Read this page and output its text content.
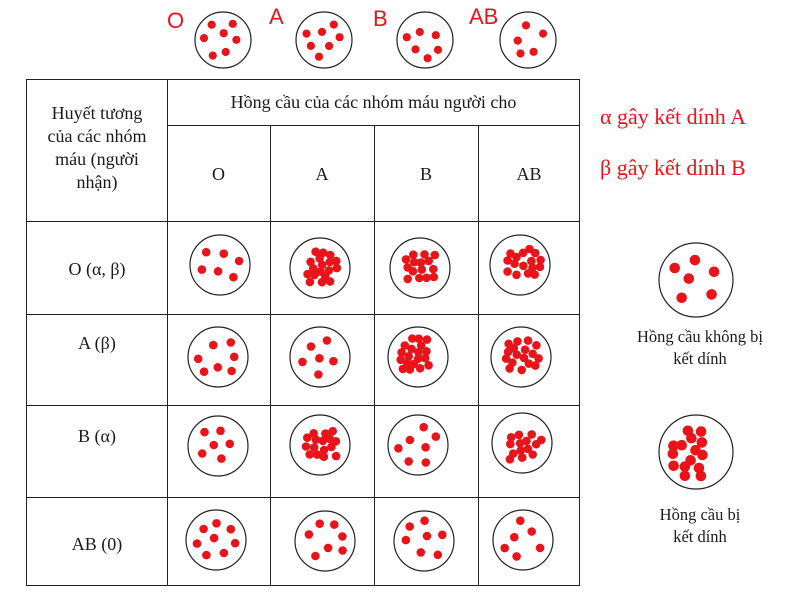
O	A	B	AB
Huyết tương
của các nhóm
máu (người
nhận)
Hồng cầu của các nhóm máu người cho
O	A	B	AB
O (α, β)
A (β)
B (α)
AB (0)
α gây kết dính A
β gây kết dính B
Hồng cầu không bị
kết dính
Hồng cầu bị
kết dính
